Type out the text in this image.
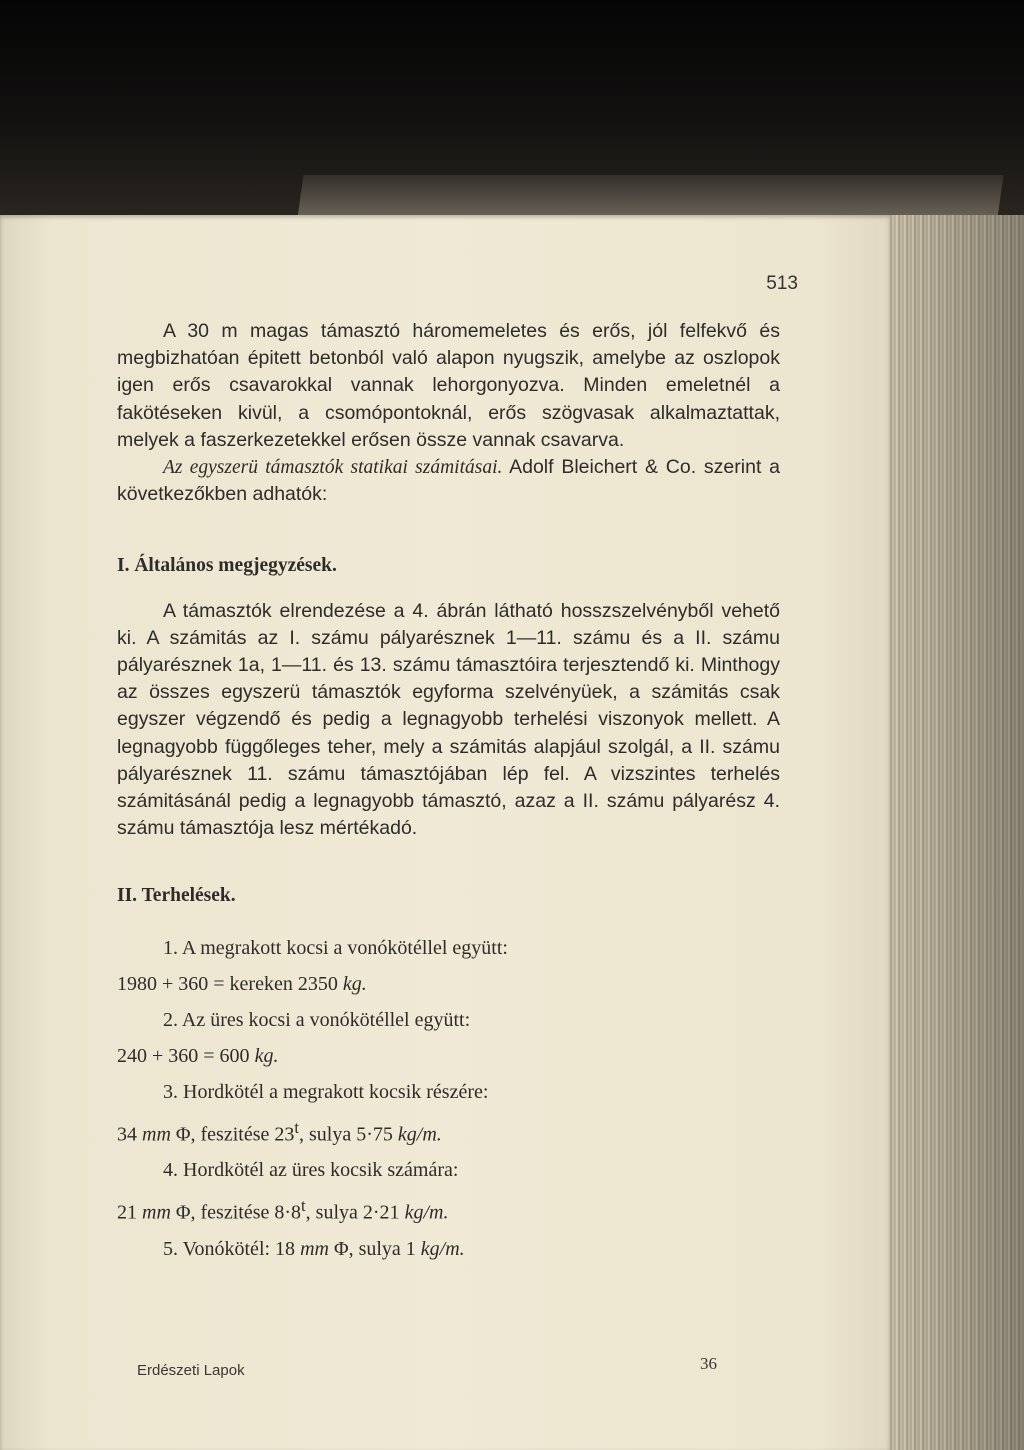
513

A 30 m magas támasztó háromemeletes és erős, jól felfekvő és megbizhatóan épitett betonból való alapon nyugszik, amelybe az oszlopok igen erős csavarokkal vannak lehorgonyozva. Minden emeletnél a fakötéseken kivül, a csomópontoknál, erős szögvasak alkalmaztattak, melyek a faszerkezetekkel erősen össze vannak csavarva.

Az egyszerü támasztók statikai számitásai. Adolf Bleichert & Co. szerint a következőkben adhatók:

I. Általános megjegyzések.

A támasztók elrendezése a 4. ábrán látható hosszszelvényből vehető ki. A számitás az I. számu pályarésznek 1—11. számu és a II. számu pályarésznek 1a, 1—11. és 13. számu támasztóira terjesztendő ki. Minthogy az összes egyszerü támasztók egyforma szelvényüek, a számitás csak egyszer végzendő és pedig a legnagyobb terhelési viszonyok mellett. A legnagyobb függőleges teher, mely a számitás alapjául szolgál, a II. számu pályarésznek 11. számu támasztójában lép fel. A vizszintes terhelés számitásánál pedig a legnagyobb támasztó, azaz a II. számu pályarész 4. számu támasztója lesz mértékadó.

II. Terhelések.

1. A megrakott kocsi a vonókötéllel együtt:

1980 + 360 = kereken 2350 kg.

2. Az üres kocsi a vonókötéllel együtt:

240 + 360 = 600 kg.

3. Hordkötél a megrakott kocsik részére:

34 mm Φ, feszitése 23$^t$, sulya 5·75 kg/m.

4. Hordkötél az üres kocsik számára:

21 mm Φ, feszitése $8\cdot 8^t$, sulya 2·21 kg/m.

5. Vonókötél: 18 mm Φ, sulya 1 kg/m.

Erdészeti Lapok	36
